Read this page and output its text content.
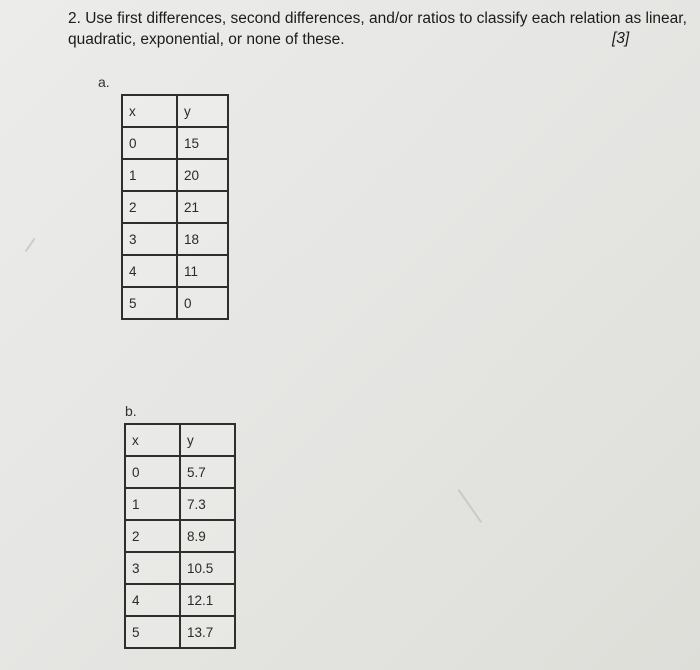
2. Use first differences, second differences, and/or ratios to classify each relation as linear,
quadratic, exponential, or none of these.	[3]
a.
x	y
0	15
1	20
2	21
3	18
4	11
5	0
b.
x	y
0	5.7
1	7.3
2	8.9
3	10.5
4	12.1
5	13.7
